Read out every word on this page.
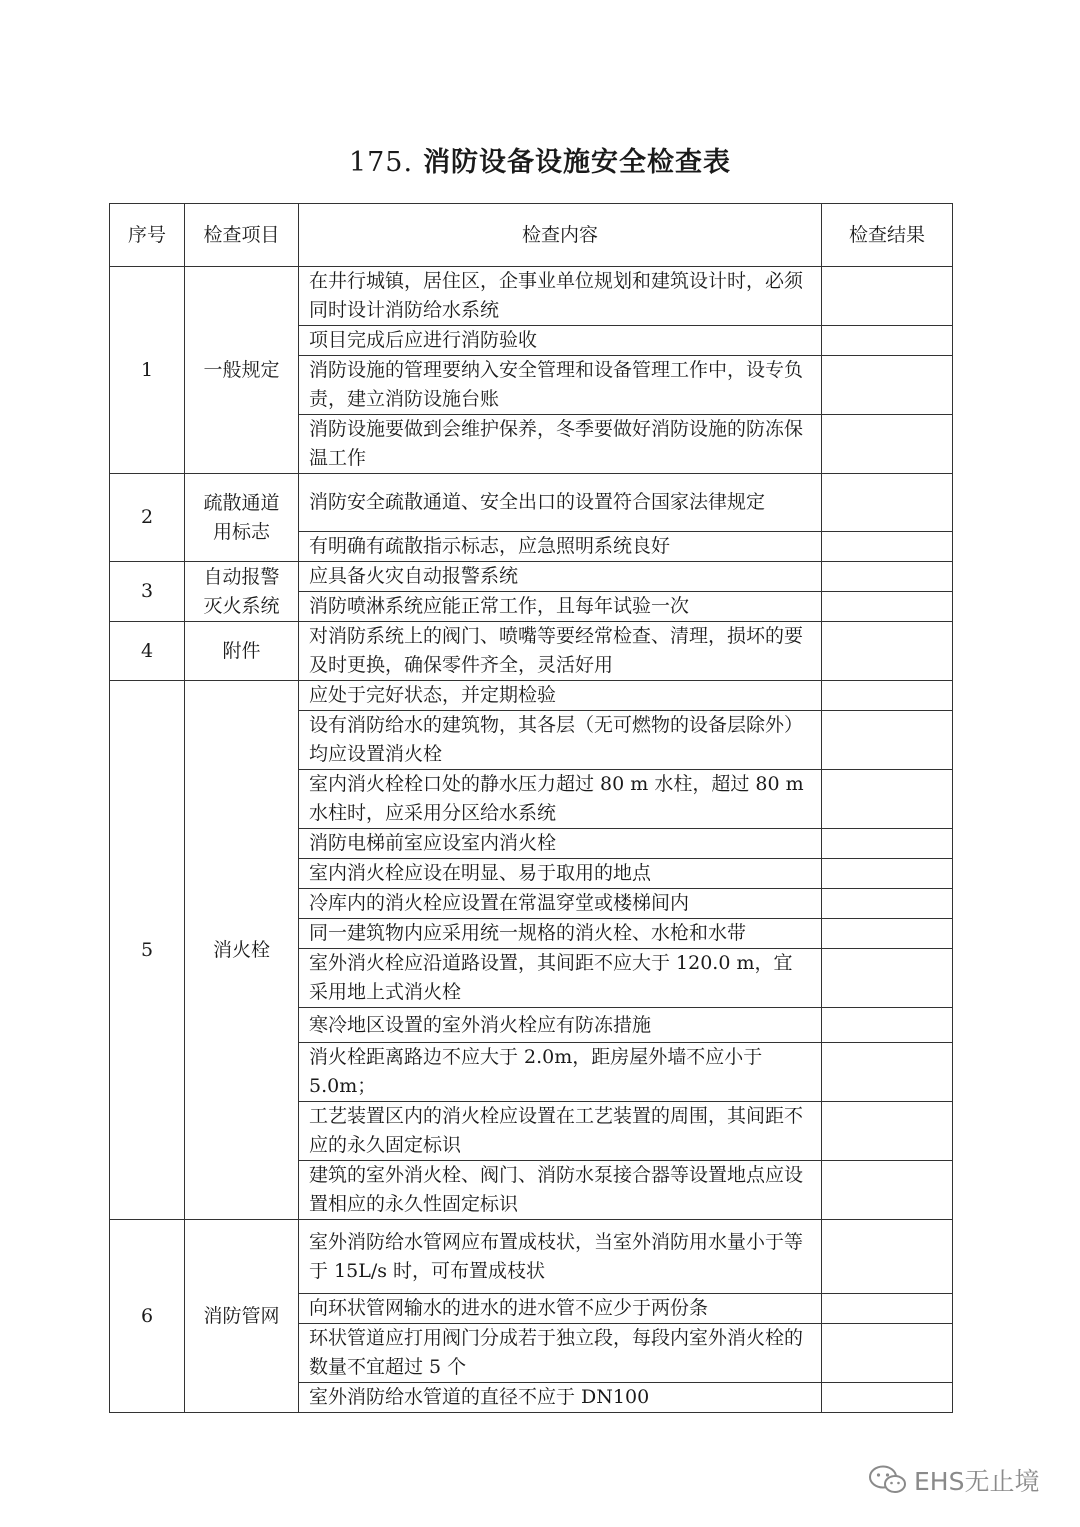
175. 消防设备设施安全检查表
序号	检查项目	检查内容	检查结果
1	一般规定	在井行城镇，居住区，企事业单位规划和建筑设计时，必须同时设计消防给水系统	
		项目完成后应进行消防验收	
		消防设施的管理要纳入安全管理和设备管理工作中，设专负责，建立消防设施台账	
		消防设施要做到会维护保养，冬季要做好消防设施的防冻保温工作	
2	疏散通道用标志	消防安全疏散通道、安全出口的设置符合国家法律规定	
		有明确有疏散指示标志，应急照明系统良好	
3	自动报警灭火系统	应具备火灾自动报警系统	
		消防喷淋系统应能正常工作，且每年试验一次	
4	附件	对消防系统上的阀门、喷嘴等要经常检查、清理，损坏的要及时更换，确保零件齐全，灵活好用	
5	消火栓	应处于完好状态，并定期检验	
		设有消防给水的建筑物，其各层（无可燃物的设备层除外）均应设置消火栓	
		室内消火栓栓口处的静水压力超过 80 m 水柱，超过 80 m 水柱时，应采用分区给水系统	
		消防电梯前室应设室内消火栓	
		室内消火栓应设在明显、易于取用的地点	
		冷库内的消火栓应设置在常温穿堂或楼梯间内	
		同一建筑物内应采用统一规格的消火栓、水枪和水带	
		室外消火栓应沿道路设置，其间距不应大于 120.0 m，宜采用地上式消火栓	
		寒冷地区设置的室外消火栓应有防冻措施	
		消火栓距离路边不应大于 2.0m，距房屋外墙不应小于 5.0m；	
		工艺装置区内的消火栓应设置在工艺装置的周围，其间距不应的永久固定标识	
		建筑的室外消火栓、阀门、消防水泵接合器等设置地点应设置相应的永久性固定标识	
6	消防管网	室外消防给水管网应布置成枝状，当室外消防用水量小于等于 15L/s 时，可布置成枝状	
		向环状管网输水的进水的进水管不应少于两份条	
		环状管道应打用阀门分成若于独立段，每段内室外消火栓的数量不宜超过 5 个	
		室外消防给水管道的直径不应于 DN100	
EHS无止境
